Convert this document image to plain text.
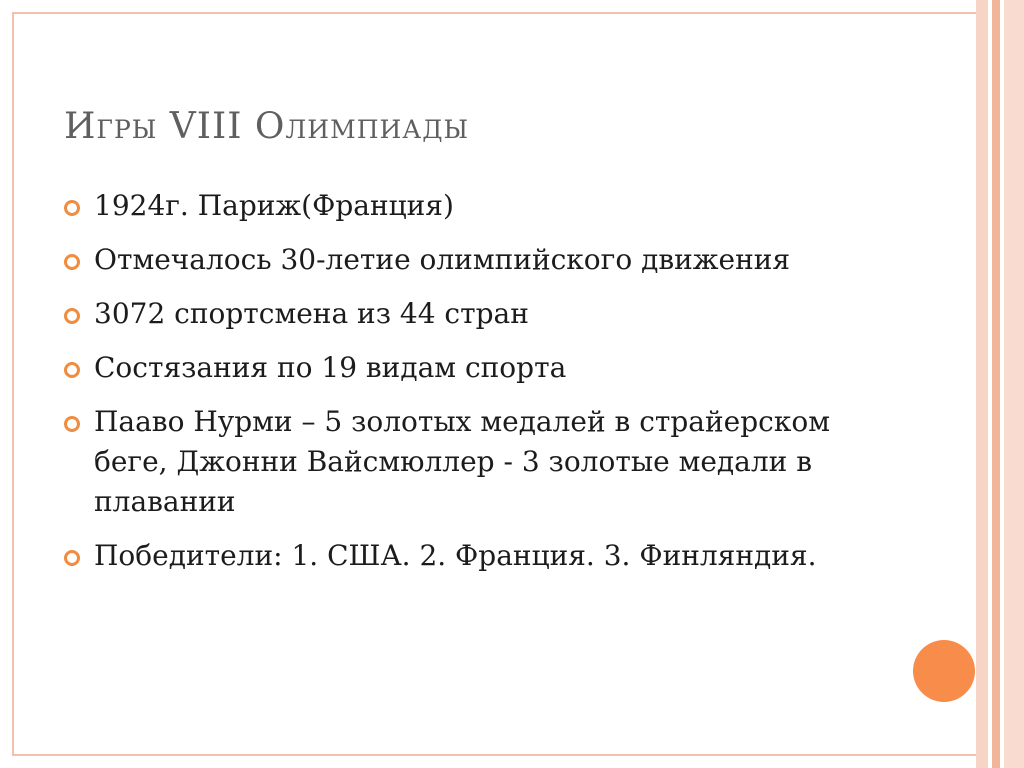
Игры VIII Олимпиады
1924г. Париж(Франция)
Отмечалось 30-летие олимпийского движения
3072 спортсмена из 44 стран
Состязания по 19 видам спорта
Пааво Нурми – 5 золотых медалей в страйерском беге, Джонни Вайсмюллер - 3 золотые медали в плавании
Победители: 1. США. 2. Франция. 3. Финляндия.
